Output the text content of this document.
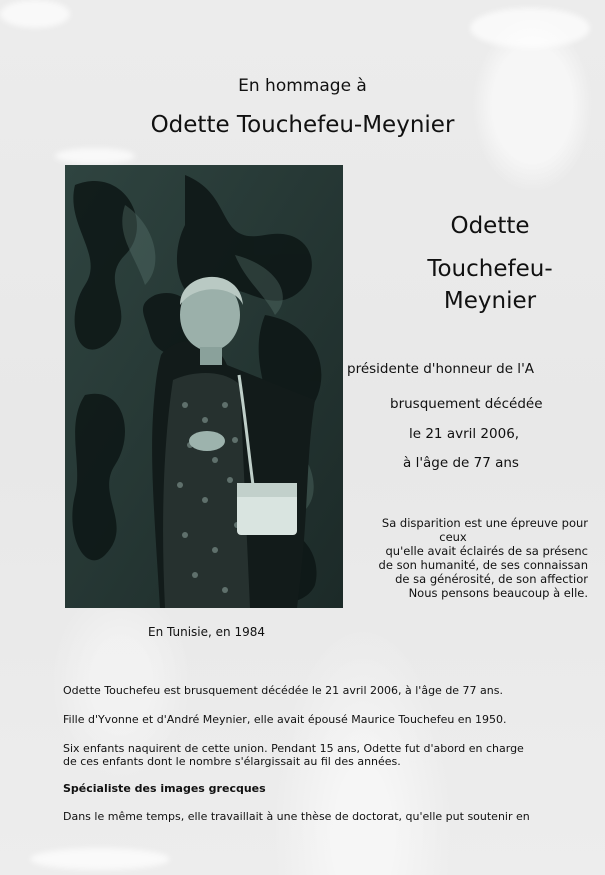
En hommage à
Odette Touchefeu-Meynier
En Tunisie, en 1984
Odette
Touchefeu-
Meynier
présidente d'honneur de l'A
brusquement décédée
le 21 avril 2006,
à l'âge de 77 ans
Sa disparition est une épreuve pour
ceux
qu'elle avait éclairés de sa présenc
de son humanité, de ses connaissan
de sa générosité, de son affectior
Nous pensons beaucoup à elle.
Odette Touchefeu est brusquement décédée le 21 avril 2006, à l'âge de 77 ans.
Fille d'Yvonne et d'André Meynier, elle avait épousé Maurice Touchefeu en 1950.
Six enfants naquirent de cette union. Pendant 15 ans, Odette fut d'abord en charge
de ces enfants dont le nombre s'élargissait au fil des années.
Spécialiste des images grecques
Dans le même temps, elle travaillait à une thèse de doctorat, qu'elle put soutenir en
